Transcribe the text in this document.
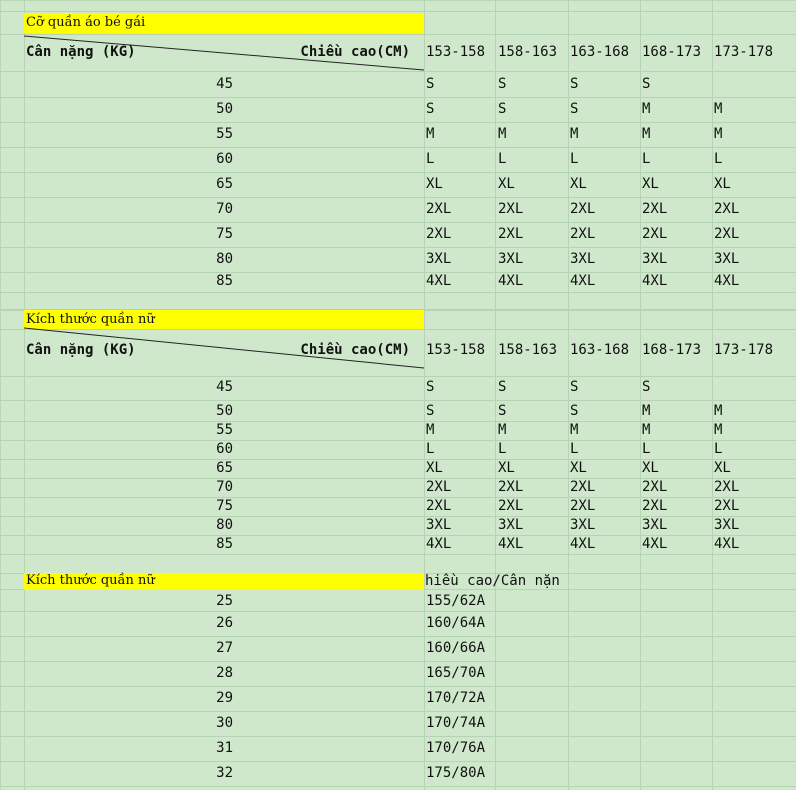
Cỡ quần áo bé gái
Cân nặng (KG)	Chiều cao(CM) 153-158 158-163 163-168 168-173 173-178
45	S	S	S	S
50	S	S	S	M	M
55	M	M	M	M	M
60	L	L	L	L	L
65	XL	XL	XL	XL	XL
70	2XL	2XL	2XL	2XL	2XL
75	2XL	2XL	2XL	2XL	2XL
80	3XL	3XL	3XL	3XL	3XL
85	4XL	4XL	4XL	4XL	4XL
Kích thước quần nữ
Cân nặng (KG)	Chiều cao(CM) 153-158 158-163 163-168 168-173 173-178
45	S	S	S	S
50	S	S	S	M	M
55	M	M	M	M	M
60	L	L	L	L	L
65	XL	XL	XL	XL	XL
70	2XL	2XL	2XL	2XL	2XL
75	2XL	2XL	2XL	2XL	2XL
80	3XL	3XL	3XL	3XL	3XL
85	4XL	4XL	4XL	4XL	4XL
Kích thước quần nữ	hiều cao/Cân nặn
25	155/62A
26	160/64A
27	160/66A
28	165/70A
29	170/72A
30	170/74A
31	170/76A
32	175/80A
